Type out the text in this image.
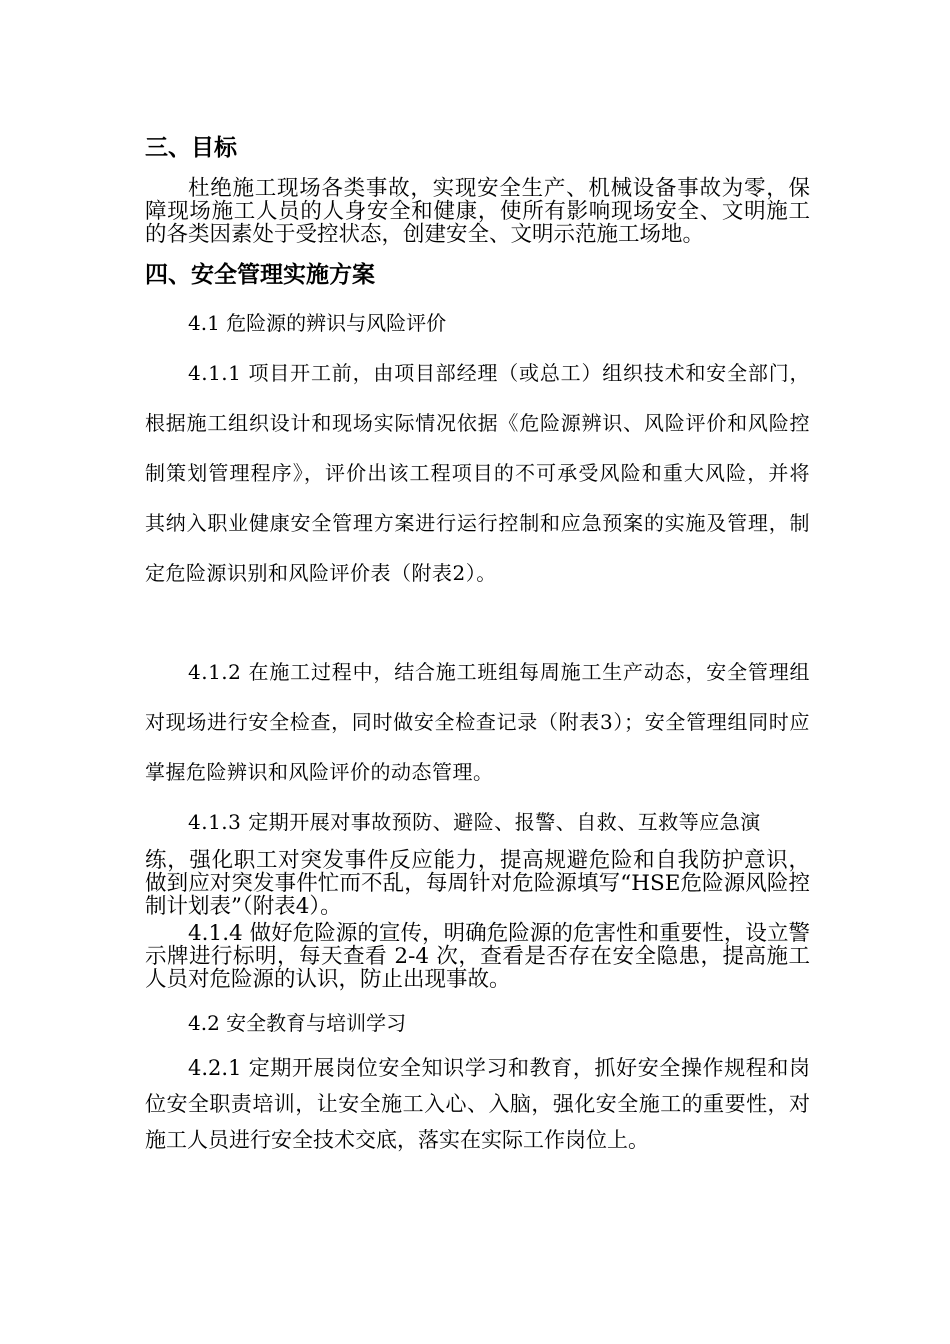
三、目标

杜绝施工现场各类事故，实现安全生产、机械设备事故为零，保障现场施工人员的人身安全和健康，使所有影响现场安全、文明施工的各类因素处于受控状态，创建安全、文明示范施工场地。

四、安全管理实施方案

4.1 危险源的辨识与风险评价

4.1.1 项目开工前，由项目部经理（或总工）组织技术和安全部门，根据施工组织设计和现场实际情况依据《危险源辨识、风险评价和风险控制策划管理程序》，评价出该工程项目的不可承受风险和重大风险，并将其纳入职业健康安全管理方案进行运行控制和应急预案的实施及管理，制定危险源识别和风险评价表（附表2）。

4.1.2 在施工过程中，结合施工班组每周施工生产动态，安全管理组对现场进行安全检查，同时做安全检查记录（附表3）；安全管理组同时应掌握危险辨识和风险评价的动态管理。

4.1.3 定期开展对事故预防、避险、报警、自救、互救等应急演

练，强化职工对突发事件反应能力，提高规避危险和自我防护意识，做到应对突发事件忙而不乱，每周针对危险源填写“HSE危险源风险控制计划表”（附表4）。

4.1.4 做好危险源的宣传，明确危险源的危害性和重要性，设立警示牌进行标明，每天查看 2-4 次，查看是否存在安全隐患，提高施工人员对危险源的认识，防止出现事故。

4.2 安全教育与培训学习

4.2.1 定期开展岗位安全知识学习和教育，抓好安全操作规程和岗位安全职责培训，让安全施工入心、入脑，强化安全施工的重要性，对施工人员进行安全技术交底，落实在实际工作岗位上。
